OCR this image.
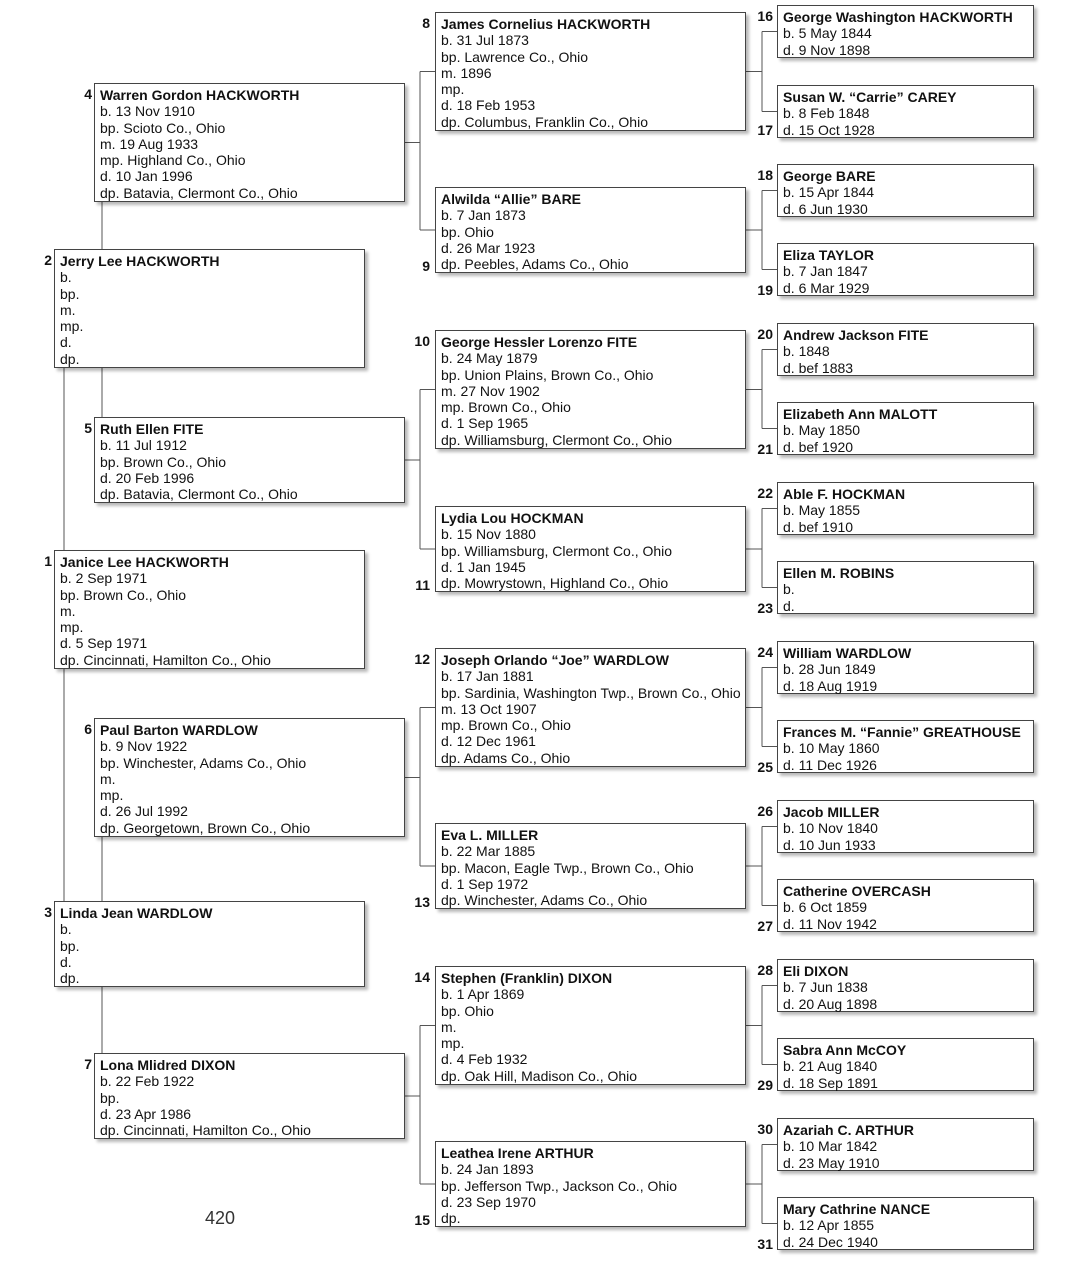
Janice Lee HACKWORTH
b. 2 Sep 1971
bp. Brown Co., Ohio
m.
mp.
d. 5 Sep 1971
dp. Cincinnati, Hamilton Co., Ohio
1
Jerry Lee HACKWORTH
b.
bp.
m.
mp.
d.
dp.
2
Linda Jean WARDLOW
b.
bp.
d.
dp.
3
Warren Gordon HACKWORTH
b. 13 Nov 1910
bp. Scioto Co., Ohio
m. 19 Aug 1933
mp. Highland Co., Ohio
d. 10 Jan 1996
dp. Batavia, Clermont Co., Ohio
4
Ruth Ellen FITE
b. 11 Jul 1912
bp. Brown Co., Ohio
d. 20 Feb 1996
dp. Batavia, Clermont Co., Ohio
5
Paul Barton WARDLOW
b. 9 Nov 1922
bp. Winchester, Adams Co., Ohio
m.
mp.
d. 26 Jul 1992
dp. Georgetown, Brown Co., Ohio
6
Lona Mlidred DIXON
b. 22 Feb 1922
bp.
d. 23 Apr 1986
dp. Cincinnati, Hamilton Co., Ohio
7
James Cornelius HACKWORTH
b. 31 Jul 1873
bp. Lawrence Co., Ohio
m. 1896
mp.
d. 18 Feb 1953
dp. Columbus, Franklin Co., Ohio
8
Alwilda “Allie” BARE
b. 7 Jan 1873
bp. Ohio
d. 26 Mar 1923
dp. Peebles, Adams Co., Ohio
9
George Hessler Lorenzo FITE
b. 24 May 1879
bp. Union Plains, Brown Co., Ohio
m. 27 Nov 1902
mp. Brown Co., Ohio
d. 1 Sep 1965
dp. Williamsburg, Clermont Co., Ohio
10
Lydia Lou HOCKMAN
b. 15 Nov 1880
bp. Williamsburg, Clermont Co., Ohio
d. 1 Jan 1945
dp. Mowrystown, Highland Co., Ohio
11
Joseph Orlando “Joe” WARDLOW
b. 17 Jan 1881
bp. Sardinia, Washington Twp., Brown Co., Ohio
m. 13 Oct 1907
mp. Brown Co., Ohio
d. 12 Dec 1961
dp. Adams Co., Ohio
12
Eva L. MILLER
b. 22 Mar 1885
bp. Macon, Eagle Twp., Brown Co., Ohio
d. 1 Sep 1972
dp. Winchester, Adams Co., Ohio
13
Stephen (Franklin) DIXON
b. 1 Apr 1869
bp. Ohio
m.
mp.
d. 4 Feb 1932
dp. Oak Hill, Madison Co., Ohio
14
Leathea Irene ARTHUR
b. 24 Jan 1893
bp. Jefferson Twp., Jackson Co., Ohio
d. 23 Sep 1970
dp.
15
George Washington HACKWORTH
b. 5 May 1844
d. 9 Nov 1898
16
Susan W. “Carrie” CAREY
b. 8 Feb 1848
d. 15 Oct 1928
17
George BARE
b. 15 Apr 1844
d. 6 Jun 1930
18
Eliza TAYLOR
b. 7 Jan 1847
d. 6 Mar 1929
19
Andrew Jackson FITE
b. 1848
d. bef 1883
20
Elizabeth Ann MALOTT
b. May 1850
d. bef 1920
21
Able F. HOCKMAN
b. May 1855
d. bef 1910
22
Ellen M. ROBINS
b.
d.
23
William WARDLOW
b. 28 Jun 1849
d. 18 Aug 1919
24
Frances M. “Fannie” GREATHOUSE
b. 10 May 1860
d. 11 Dec 1926
25
Jacob MILLER
b. 10 Nov 1840
d. 10 Jun 1933
26
Catherine OVERCASH
b. 6 Oct 1859
d. 11 Nov 1942
27
Eli DIXON
b. 7 Jun 1838
d. 20 Aug 1898
28
Sabra Ann McCOY
b. 21 Aug 1840
d. 18 Sep 1891
29
Azariah C. ARTHUR
b. 10 Mar 1842
d. 23 May 1910
30
Mary Cathrine NANCE
b. 12 Apr 1855
d. 24 Dec 1940
31
420
